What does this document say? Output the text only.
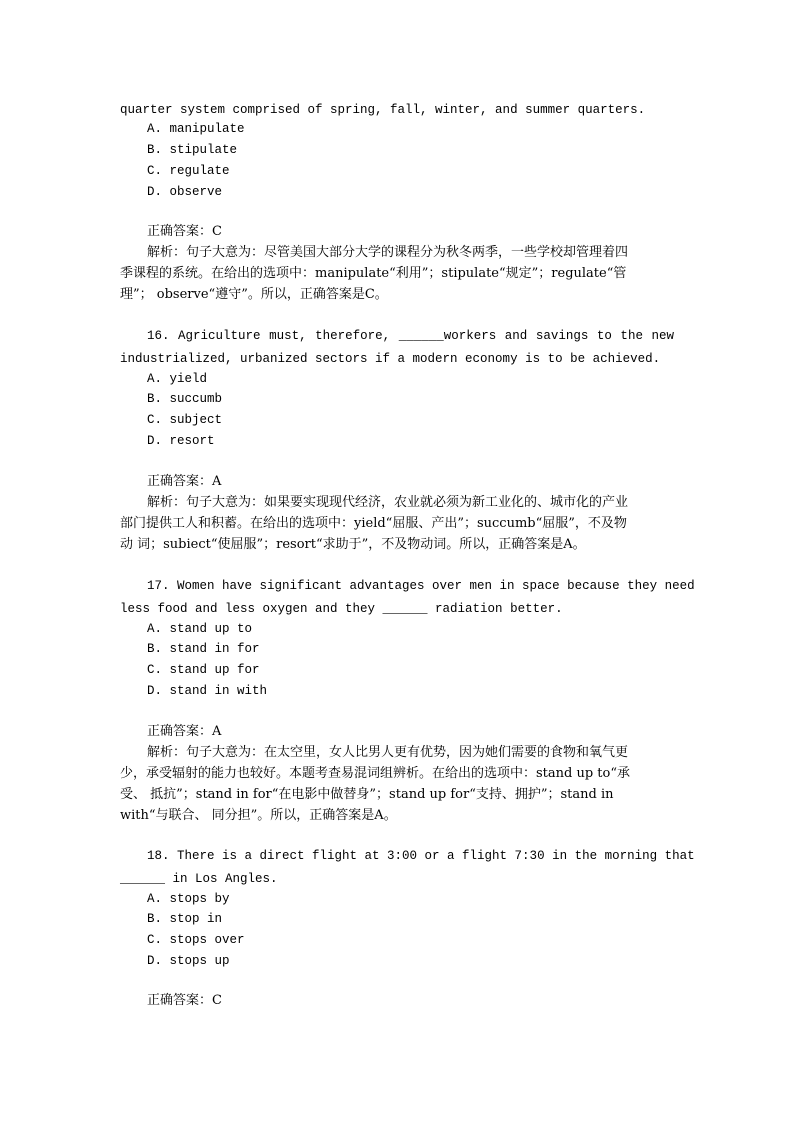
quarter system comprised of spring, fall, winter, and summer quarters.
A. manipulate
B. stipulate
C. regulate
D. observe
正确答案：C
解析：句子大意为：尽管美国大部分大学的课程分为秋冬两季，一些学校却管理着四
季课程的系统。在给出的选项中：manipulate“利用”；stipulate“规定”；regulate“管
理”； observe“遵守”。所以，正确答案是C。
16. Agriculture must, therefore, ______workers and savings to the new
industrialized, urbanized sectors if a modern economy is to be achieved.
A. yield
B. succumb
C. subject
D. resort
正确答案：A
解析：句子大意为：如果要实现现代经济，农业就必须为新工业化的、城市化的产业
部门提供工人和积蓄。在给出的选项中：yield“屈服、产出”；succumb“屈服”，不及物
动 词；subiect“使屈服”；resort“求助于”，不及物动词。所以，正确答案是A。
17. Women have significant advantages over men in space because they need
less food and less oxygen and they ______ radiation better.
A. stand up to
B. stand in for
C. stand up for
D. stand in with
正确答案：A
解析：句子大意为：在太空里，女人比男人更有优势，因为她们需要的食物和氧气更
少，承受辐射的能力也较好。本题考查易混词组辨析。在给出的选项中：stand up to“承
受、 抵抗”；stand in for“在电影中做替身”；stand up for“支持、拥护”；stand in
with“与联合、 同分担”。所以，正确答案是A。
18. There is a direct flight at 3:00 or a flight 7:30 in the morning that
______ in Los Angles.
A. stops by
B. stop in
C. stops over
D. stops up
正确答案：C
